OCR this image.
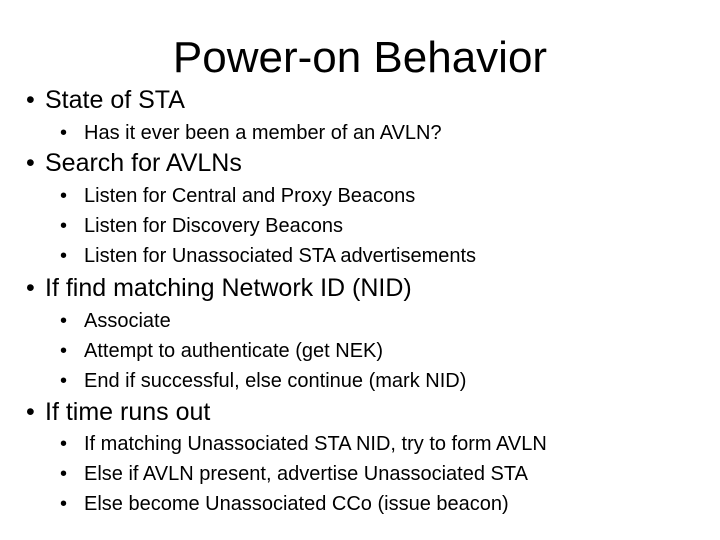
Power-on Behavior
• State of STA
• Has it ever been a member of an AVLN?
• Search for AVLNs
• Listen for Central and Proxy Beacons
• Listen for Discovery Beacons
• Listen for Unassociated STA advertisements
• If find matching Network ID (NID)
• Associate
• Attempt to authenticate (get NEK)
• End if successful, else continue (mark NID)
• If time runs out
• If matching Unassociated STA NID, try to form AVLN
• Else if AVLN present, advertise Unassociated STA
• Else become Unassociated CCo (issue beacon)
